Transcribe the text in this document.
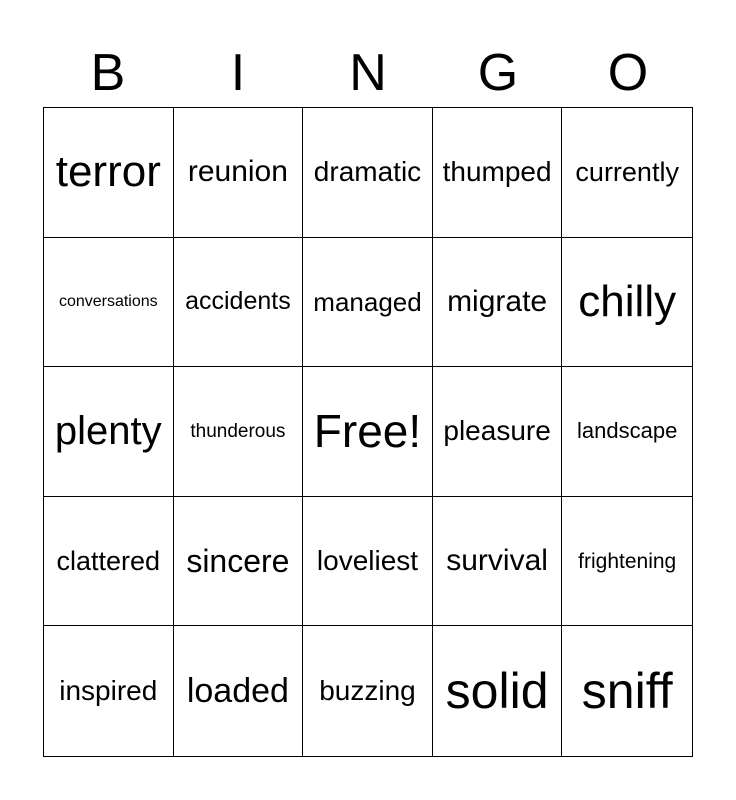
B	I	N	G	O
terror reunion dramatic thumped currently
conversations	accidents managed migrate chilly
plenty	thunderous Free! pleasure	landscape
clattered sincere loveliest survival	frightening
inspired loaded	buzzing solid sniff
